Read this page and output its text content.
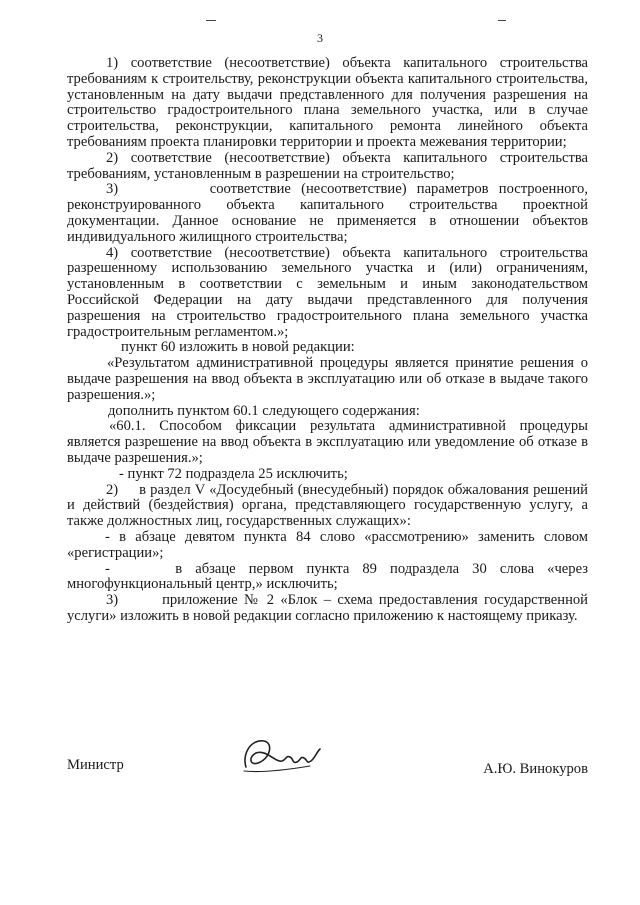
3

1) соответствие (несоответствие) объекта капитального строительства требованиям к строительству, реконструкции объекта капитального строительства, установленным на дату выдачи представленного для получения разрешения на строительство градостроительного плана земельного участка, или в случае строительства, реконструкции, капитального ремонта линейного объекта требованиям проекта планировки территории и проекта межевания территории;

2) соответствие (несоответствие) объекта капитального строительства требованиям, установленным в разрешении на строительство;

3)         соответствие (несоответствие) параметров построенного, реконструированного объекта капитального строительства проектной документации. Данное основание не применяется в отношении объектов индивидуального жилищного строительства;

4) соответствие (несоответствие) объекта капитального строительства разрешенному использованию земельного участка и (или) ограничениям, установленным в соответствии с земельным и иным законодательством Российской Федерации на дату выдачи представленного для получения разрешения на строительство градостроительного плана земельного участка градостроительным регламентом.»;

пункт 60 изложить в новой редакции:

«Результатом административной процедуры является принятие решения о выдаче разрешения на ввод объекта в эксплуатацию или об отказе в выдаче такого разрешения.»;

дополнить пунктом 60.1 следующего содержания:

«60.1. Способом фиксации результата административной процедуры является разрешение на ввод объекта в эксплуатацию или уведомление об отказе в выдаче разрешения.»;

- пункт 72 подраздела 25 исключить;

2)     в раздел V «Досудебный (внесудебный) порядок обжалования решений и действий (бездействия) органа, представляющего государственную услугу, а также должностных лиц, государственных служащих»:

- в абзаце девятом пункта 84 слово «рассмотрению» заменить словом «регистрации»;

-     в абзаце первом пункта 89 подраздела 30 слова «через многофункциональный центр,» исключить;

3)       приложение № 2 «Блок – схема предоставления государственной услуги» изложить в новой редакции согласно приложению к настоящему приказу.

Министр	А.Ю. Винокуров
